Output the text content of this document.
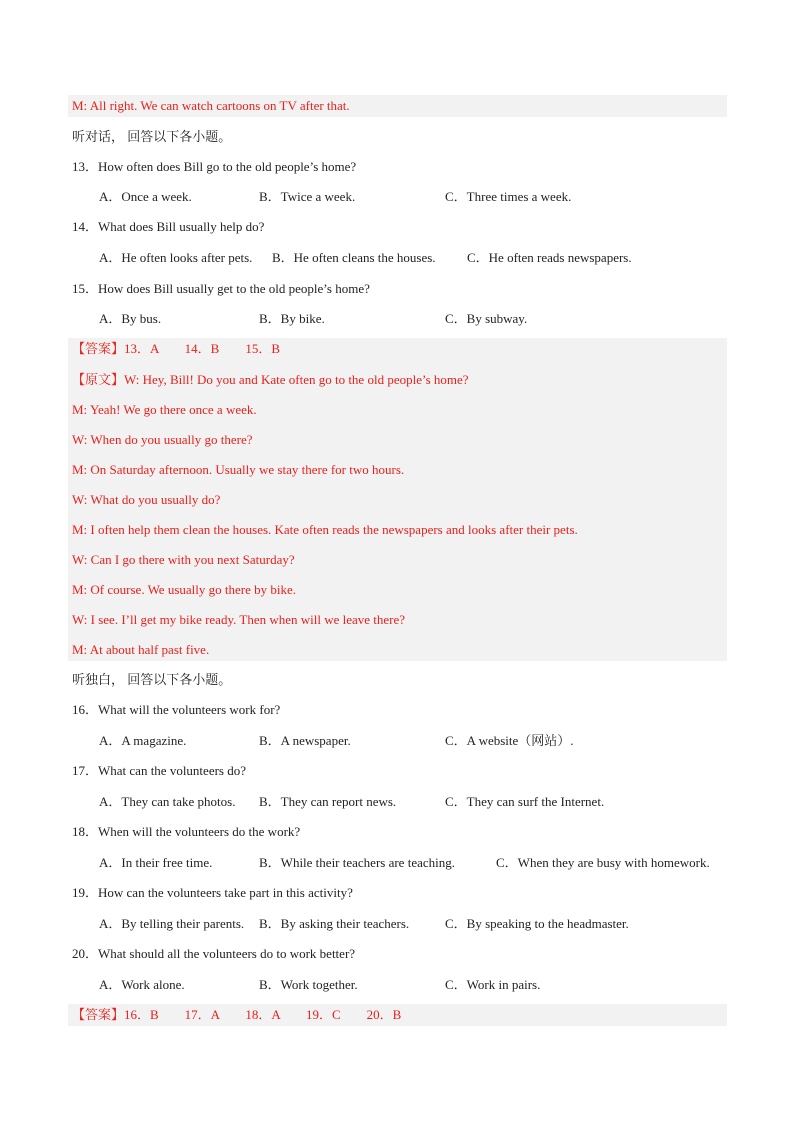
M: All right. We can watch cartoons on TV after that.
听对话， 回答以下各小题。
13．How often does Bill go to the old people’s home?
A．Once a week.	B．Twice a week.	C．Three times a week.
14．What does Bill usually help do?
A．He often looks after pets. B．He often cleans the houses. C．He often reads newspapers.
15．How does Bill usually get to the old people’s home?
A．By bus.	B．By bike.	C．By subway.
【答案】13．A　　14．B　　15．B
【原文】W: Hey, Bill! Do you and Kate often go to the old people’s home?
M: Yeah! We go there once a week.
W: When do you usually go there?
M: On Saturday afternoon. Usually we stay there for two hours.
W: What do you usually do?
M: I often help them clean the houses. Kate often reads the newspapers and looks after their pets.
W: Can I go there with you next Saturday?
M: Of course. We usually go there by bike.
W: I see. I’ll get my bike ready. Then when will we leave there?
M: At about half past five.
听独白， 回答以下各小题。
16．What will the volunteers work for?
A．A magazine.	B．A newspaper.	C．A website（网站）.
17．What can the volunteers do?
A．They can take photos. B．They can report news.	C．They can surf the Internet.
18．When will the volunteers do the work?
A．In their free time.	B．While their teachers are teaching.	C．When they are busy with homework.
19．How can the volunteers take part in this activity?
A．By telling their parents. B．By asking their teachers.	C．By speaking to the headmaster.
20．What should all the volunteers do to work better?
A．Work alone.	B．Work together.	C．Work in pairs.
【答案】16．B　　17．A　　18．A　　19．C　　20．B
